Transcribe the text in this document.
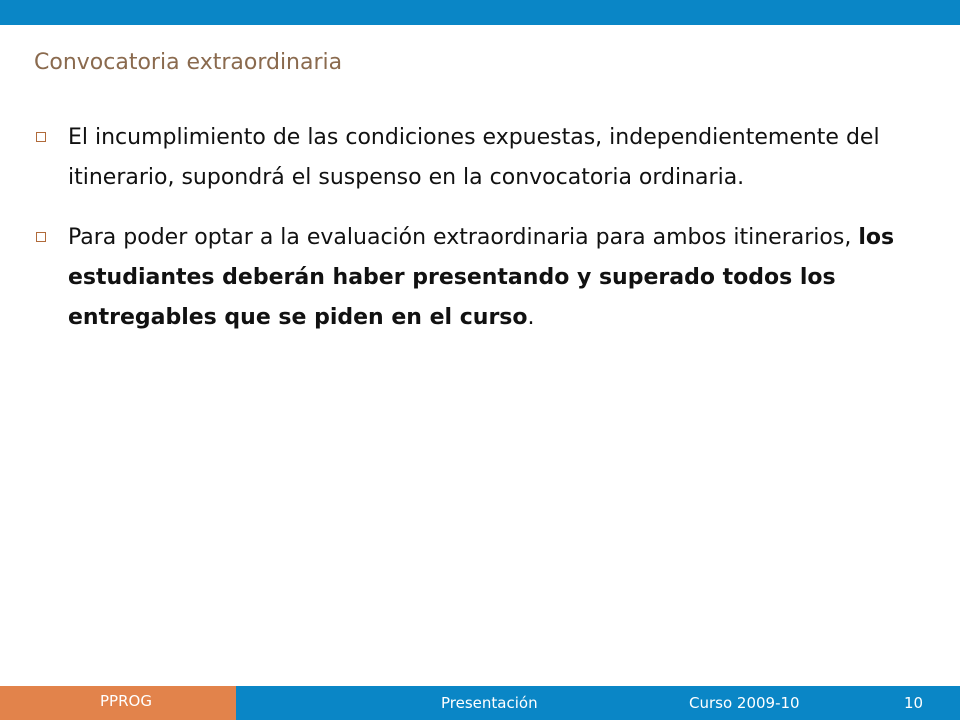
Convocatoria extraordinaria
El incumplimiento de las condiciones expuestas, independientemente del itinerario, supondrá el suspenso en la convocatoria ordinaria.
Para poder optar a la evaluación extraordinaria para ambos itinerarios, los estudiantes deberán haber presentando y superado todos los entregables que se piden en el curso.
PPROG	Presentación	Curso 2009-10	10
